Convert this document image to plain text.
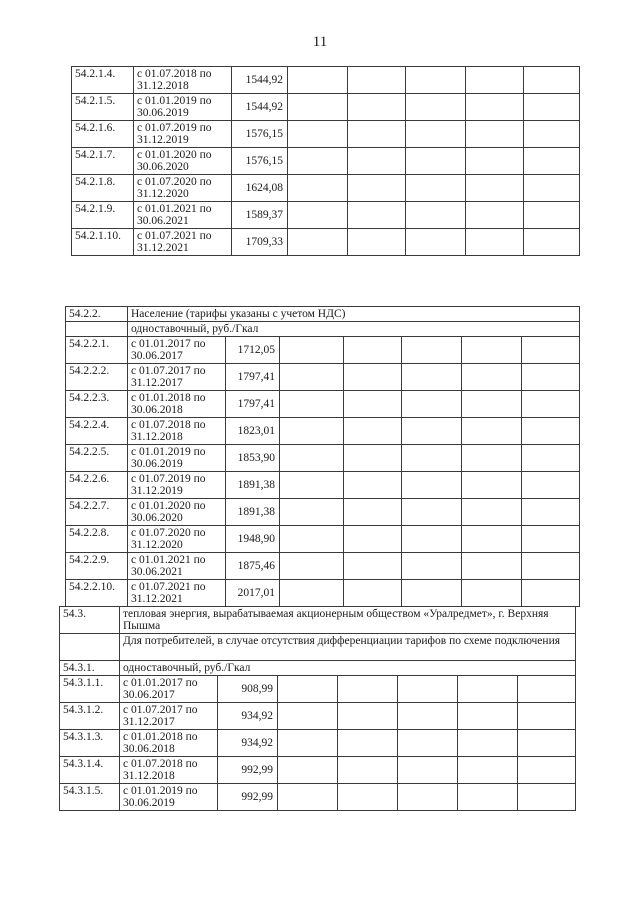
11
54.2.1.4.	с 01.07.2018 по 31.12.2018	1544,92					
54.2.1.5.	с 01.01.2019 по 30.06.2019	1544,92					
54.2.1.6.	с 01.07.2019 по 31.12.2019	1576,15					
54.2.1.7.	с 01.01.2020 по 30.06.2020	1576,15					
54.2.1.8.	с 01.07.2020 по 31.12.2020	1624,08					
54.2.1.9.	с 01.01.2021 по 30.06.2021	1589,37					
54.2.1.10.	с 01.07.2021 по 31.12.2021	1709,33					
54.2.2.	Население (тарифы указаны с учетом НДС)						
	одноставочный, руб./Гкал						
54.2.2.1.	с 01.01.2017 по 30.06.2017	1712,05					
54.2.2.2.	с 01.07.2017 по 31.12.2017	1797,41					
54.2.2.3.	с 01.01.2018 по 30.06.2018	1797,41					
54.2.2.4.	с 01.07.2018 по 31.12.2018	1823,01					
54.2.2.5.	с 01.01.2019 по 30.06.2019	1853,90					
54.2.2.6.	с 01.07.2019 по 31.12.2019	1891,38					
54.2.2.7.	с 01.01.2020 по 30.06.2020	1891,38					
54.2.2.8.	с 01.07.2020 по 31.12.2020	1948,90					
54.2.2.9.	с 01.01.2021 по 30.06.2021	1875,46					
54.2.2.10.	с 01.07.2021 по 31.12.2021	2017,01					
54.3.	тепловая энергия, вырабатываемая акционерным обществом «Уралредмет», г. Верхняя Пышма						
	Для потребителей, в случае отсутствия дифференциации тарифов по схеме подключения						
54.3.1.	одноставочный, руб./Гкал						
54.3.1.1.	с 01.01.2017 по 30.06.2017	908,99					
54.3.1.2.	с 01.07.2017 по 31.12.2017	934,92					
54.3.1.3.	с 01.01.2018 по 30.06.2018	934,92					
54.3.1.4.	с 01.07.2018 по 31.12.2018	992,99					
54.3.1.5.	с 01.01.2019 по 30.06.2019	992,99					
